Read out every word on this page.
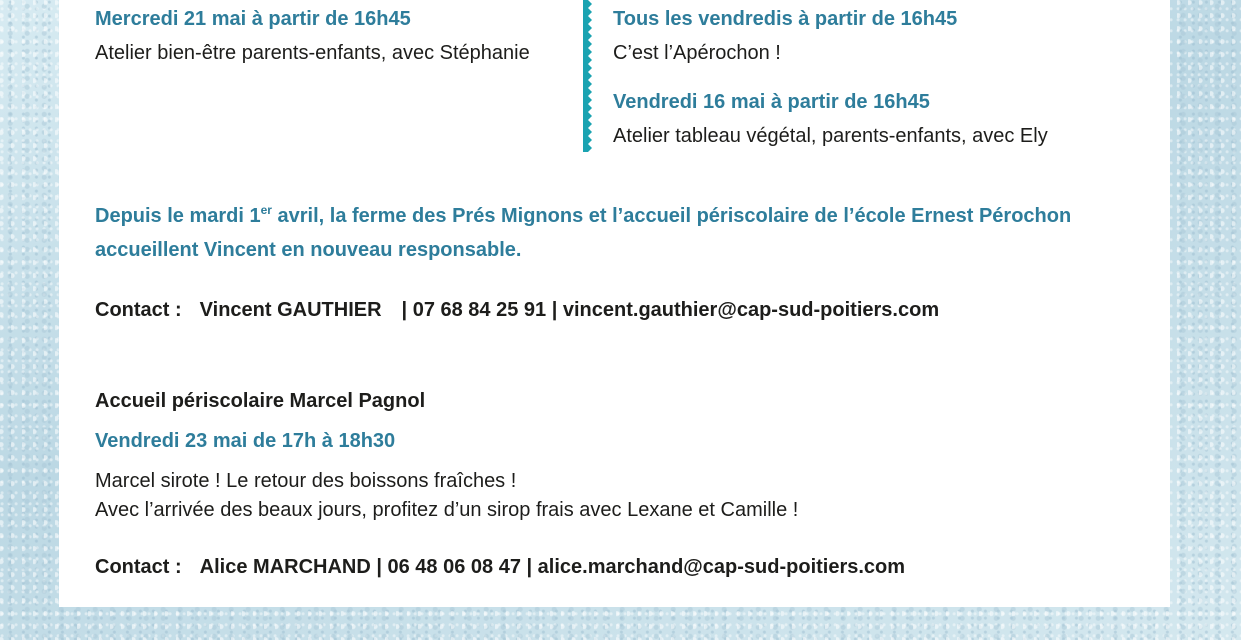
Mercredi 21 mai à partir de 16h45
Atelier bien-être parents-enfants, avec Stéphanie
Tous les vendredis à partir de 16h45
C’est l’Apérochon !
Vendredi 16 mai à partir de 16h45
Atelier tableau végétal, parents-enfants, avec Ely
Depuis le mardi 1er avril, la ferme des Prés Mignons et l’accueil périscolaire de l’école Ernest Pérochon
accueillent Vincent en nouveau responsable.
Contact : Vincent GAUTHIER | 07 68 84 25 91 | vincent.gauthier@cap-sud-poitiers.com
Accueil périscolaire Marcel Pagnol
Vendredi 23 mai de 17h à 18h30
Marcel sirote ! Le retour des boissons fraîches !
Avec l’arrivée des beaux jours, profitez d’un sirop frais avec Lexane et Camille !
Contact : Alice MARCHAND | 06 48 06 08 47 | alice.marchand@cap-sud-poitiers.com
